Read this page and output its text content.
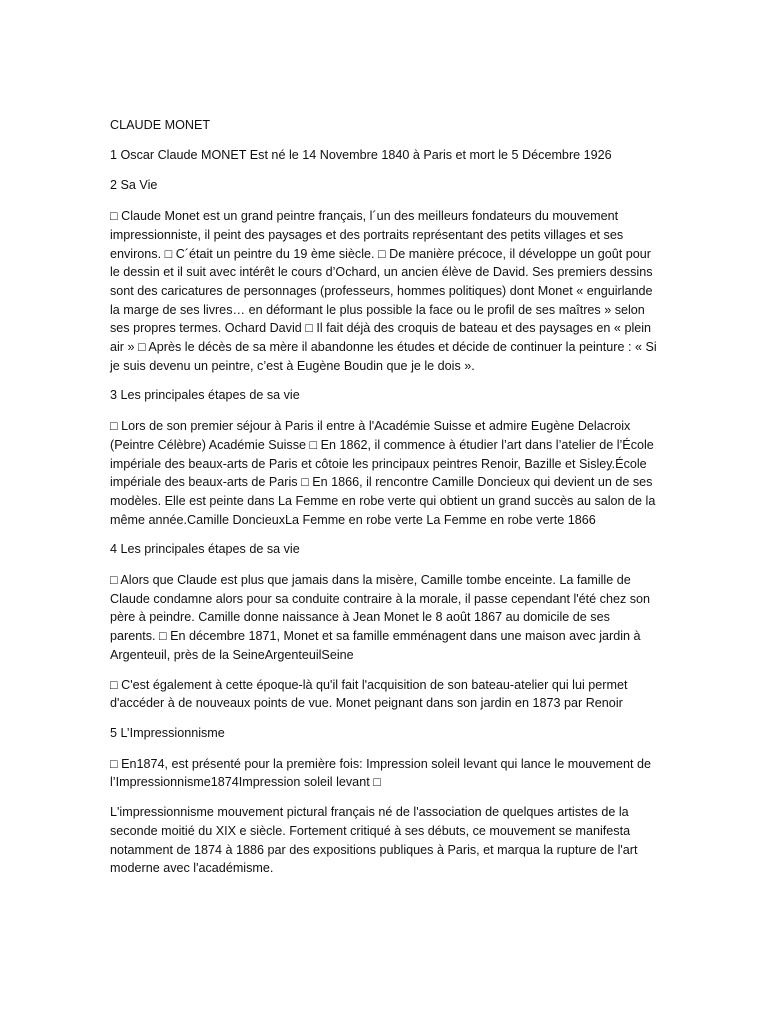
CLAUDE MONET
1 Oscar Claude MONET Est né le 14 Novembre 1840 à Paris et mort le 5 Décembre 1926
2 Sa Vie

□ Claude Monet est un grand peintre français, l´un des meilleurs fondateurs du mouvement impressionniste, il peint des paysages et des portraits représentant des petits villages et ses environs. □ C´était un peintre du 19 ème siècle. □ De manière précoce, il développe un goût pour le dessin et il suit avec intérêt le cours d’Ochard, un ancien élève de David. Ses premiers dessins sont des caricatures de personnages (professeurs, hommes politiques) dont Monet « enguirlande la marge de ses livres… en déformant le plus possible la face ou le profil de ses maîtres » selon ses propres termes. Ochard David □ Il fait déjà des croquis de bateau et des paysages en « plein air » □ Après le décès de sa mère il abandonne les études et décide de continuer la peinture : « Si je suis devenu un peintre, c’est à Eugène Boudin que je le dois ».

3 Les principales étapes de sa vie

□ Lors de son premier séjour à Paris il entre à l'Académie Suisse et admire Eugène Delacroix (Peintre Célèbre) Académie Suisse □ En 1862, il commence à étudier l’art dans l’atelier de l’École impériale des beaux-arts de Paris et côtoie les principaux peintres Renoir, Bazille et Sisley.École impériale des beaux-arts de Paris □ En 1866, il rencontre Camille Doncieux qui devient un de ses modèles. Elle est peinte dans La Femme en robe verte qui obtient un grand succès au salon de la même année.Camille DoncieuxLa Femme en robe verte La Femme en robe verte 1866

4 Les principales étapes de sa vie

□ Alors que Claude est plus que jamais dans la misère, Camille tombe enceinte. La famille de Claude condamne alors pour sa conduite contraire à la morale, il passe cependant l'été chez son père à peindre. Camille donne naissance à Jean Monet le 8 août 1867 au domicile de ses parents. □ En décembre 1871, Monet et sa famille emménagent dans une maison avec jardin à Argenteuil, près de la SeineArgenteuilSeine

□ C'est également à cette époque-là qu'il fait l'acquisition de son bateau-atelier qui lui permet d'accéder à de nouveaux points de vue. Monet peignant dans son jardin en 1873 par Renoir

5 L’Impressionnisme

□ En1874, est présenté pour la première fois: Impression soleil levant qui lance le mouvement de l’Impressionnisme1874Impression soleil levant □

L'impressionnisme mouvement pictural français né de l'association de quelques artistes de la seconde moitié du XIX e siècle. Fortement critiqué à ses débuts, ce mouvement se manifesta notamment de 1874 à 1886 par des expositions publiques à Paris, et marqua la rupture de l'art moderne avec l'académisme.
